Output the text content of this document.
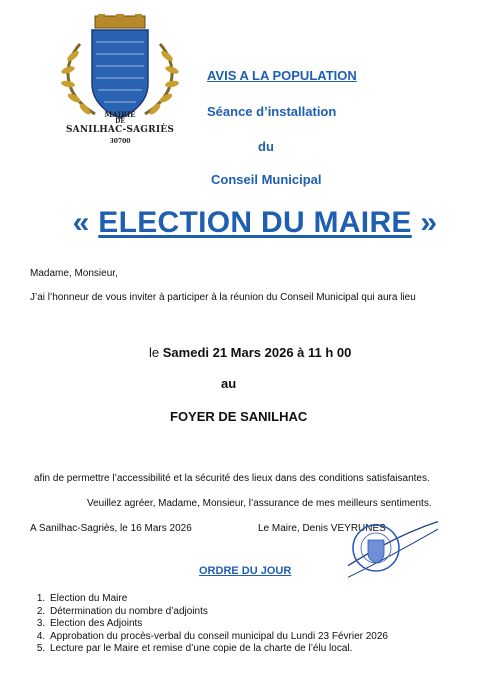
MAIRIE
DE
SANILHAC-SAGRIÈS
30700
AVIS A LA POPULATION
Séance d’installation
du
Conseil Municipal
« ELECTION DU MAIRE »
Madame, Monsieur,
J’ai l’honneur de vous inviter à participer à la réunion du Conseil Municipal qui aura lieu
le Samedi 21 Mars 2026 à 11 h 00
au
FOYER DE SANILHAC
afin de permettre l’accessibilité et la sécurité des lieux dans des conditions satisfaisantes.
Veuillez agréer, Madame, Monsieur, l’assurance de mes meilleurs sentiments.
A Sanilhac-Sagriès, le 16 Mars 2026	Le Maire, Denis VEYRUNES
ORDRE DU JOUR
1. Election du Maire
2. Détermination du nombre d’adjoints
3. Election des Adjoints
4. Approbation du procès-verbal du conseil municipal du Lundi 23 Février 2026
5. Lecture par le Maire et remise d’une copie de la charte de l’élu local.
